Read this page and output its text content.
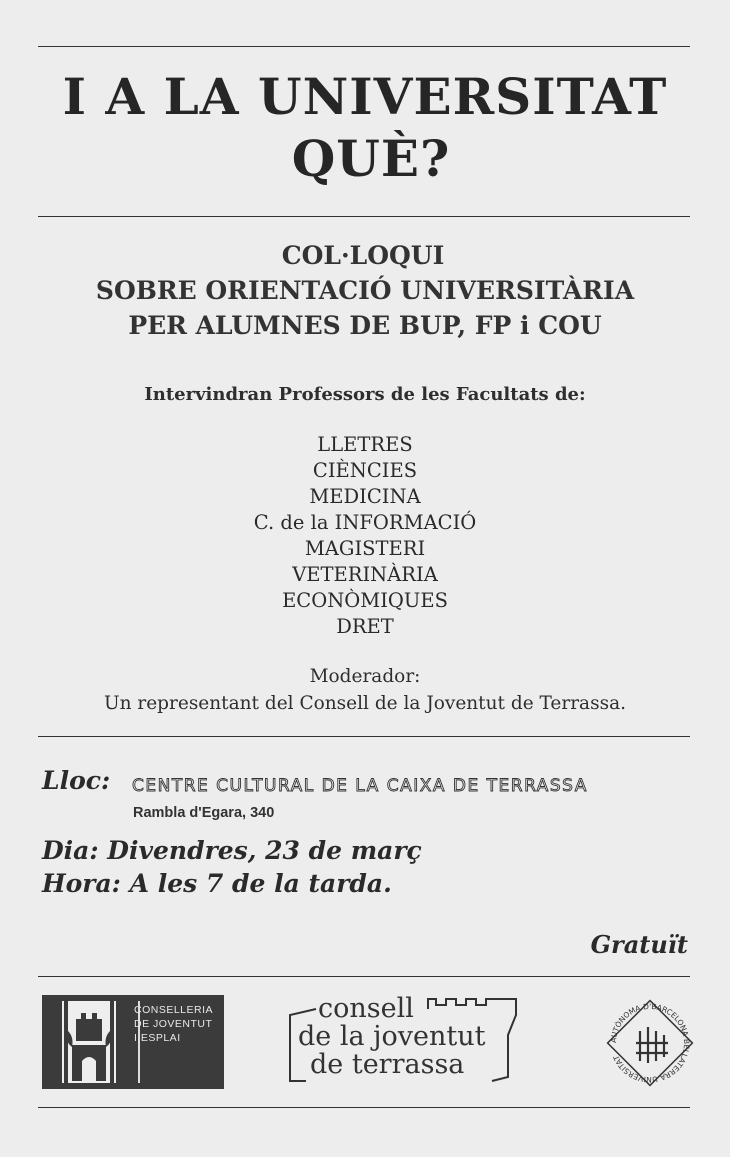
I A LA UNIVERSITAT
QUÈ?
COL·LOQUI
SOBRE ORIENTACIÓ UNIVERSITÀRIA
PER ALUMNES DE BUP, FP i COU
Intervindran Professors de les Facultats de:
LLETRES
CIÈNCIES
MEDICINA
C. de la INFORMACIÓ
MAGISTERI
VETERINÀRIA
ECONÒMIQUES
DRET
Moderador:
Un representant del Consell de la Joventut de Terrassa.
Lloc: CENTRE CULTURAL DE LA CAIXA DE TERRASSA
Rambla d'Egara, 340
Dia: Divendres, 23 de març
Hora: A les 7 de la tarda.
Gratuït
CONSELLERIA
DE JOVENTUT
I ESPLAI
consell
de la joventut
de terrassa
AUTÒNOMA D'BARCELONA BELLATERRA UNIVERSITAT
